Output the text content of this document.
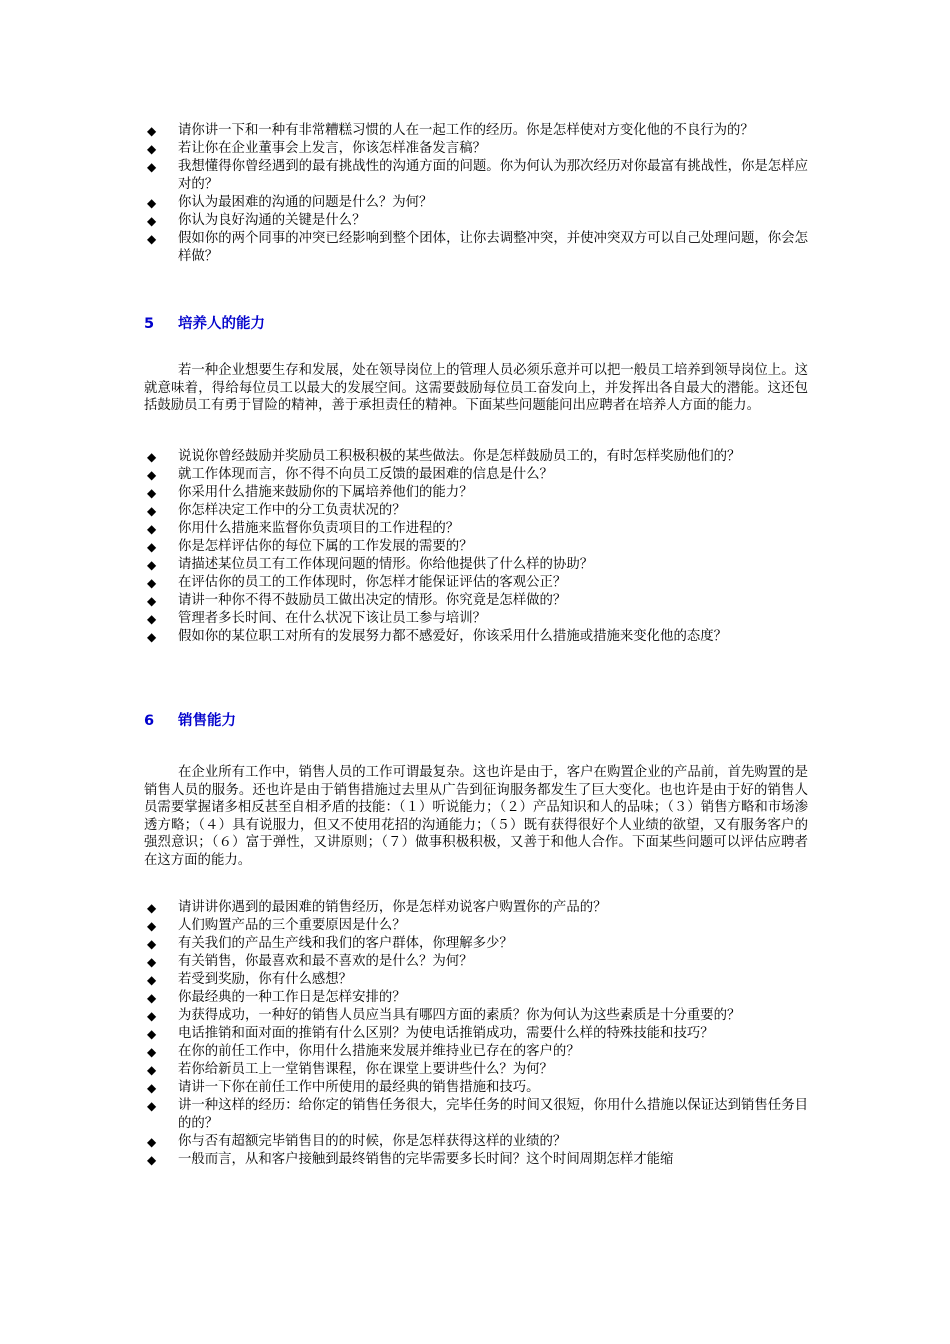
◆ 请你讲一下和一种有非常糟糕习惯的人在一起工作的经历。你是怎样使对方变化他的不良行为的？
◆ 若让你在企业董事会上发言，你该怎样准备发言稿？
◆ 我想懂得你曾经遇到的最有挑战性的沟通方面的问题。你为何认为那次经历对你最富有挑战性，你是怎样应对的？
◆ 你认为最困难的沟通的问题是什么？为何？
◆ 你认为良好沟通的关键是什么？
◆ 假如你的两个同事的冲突已经影响到整个团体，让你去调整冲突，并使冲突双方可以自己处理问题，你会怎样做？
5 培养人的能力

若一种企业想要生存和发展，处在领导岗位上的管理人员必须乐意并可以把一般员工培养到领导岗位上。这就意味着，得给每位员工以最大的发展空间。这需要鼓励每位员工奋发向上，并发挥出各自最大的潜能。这还包括鼓励员工有勇于冒险的精神，善于承担责任的精神。下面某些问题能问出应聘者在培养人方面的能力。

◆ 说说你曾经鼓励并奖励员工积极积极的某些做法。你是怎样鼓励员工的，有时怎样奖励他们的？
◆ 就工作体现而言，你不得不向员工反馈的最困难的信息是什么？
◆ 你采用什么措施来鼓励你的下属培养他们的能力？
◆ 你怎样决定工作中的分工负责状况的？
◆ 你用什么措施来监督你负责项目的工作进程的？
◆ 你是怎样评估你的每位下属的工作发展的需要的？
◆ 请描述某位员工有工作体现问题的情形。你给他提供了什么样的协助？
◆ 在评估你的员工的工作体现时，你怎样才能保证评估的客观公正？
◆ 请讲一种你不得不鼓励员工做出决定的情形。你究竟是怎样做的？
◆ 管理者多长时间、在什么状况下该让员工参与培训？
◆ 假如你的某位职工对所有的发展努力都不感爱好，你该采用什么措施或措施来变化他的态度？
6 销售能力

在企业所有工作中，销售人员的工作可谓最复杂。这也许是由于，客户在购置企业的产品前，首先购置的是销售人员的服务。还也许是由于销售措施过去里从广告到征询服务都发生了巨大变化。也也许是由于好的销售人员需要掌握诸多相反甚至自相矛盾的技能：（１）听说能力；（２）产品知识和人的品味；（３）销售方略和市场渗透方略；（４）具有说服力，但又不使用花招的沟通能力；（５）既有获得很好个人业绩的欲望，又有服务客户的强烈意识；（６）富于弹性，又讲原则；（７）做事积极积极，又善于和他人合作。下面某些问题可以评估应聘者在这方面的能力。

◆ 请讲讲你遇到的最困难的销售经历，你是怎样劝说客户购置你的产品的？
◆ 人们购置产品的三个重要原因是什么？
◆ 有关我们的产品生产线和我们的客户群体，你理解多少？
◆ 有关销售，你最喜欢和最不喜欢的是什么？为何？
◆ 若受到奖励，你有什么感想？
◆ 你最经典的一种工作日是怎样安排的？
◆ 为获得成功，一种好的销售人员应当具有哪四方面的素质？你为何认为这些素质是十分重要的？
◆ 电话推销和面对面的推销有什么区别？为使电话推销成功，需要什么样的特殊技能和技巧？
◆ 在你的前任工作中，你用什么措施来发展并维持业已存在的客户的？
◆ 若你给新员工上一堂销售课程，你在课堂上要讲些什么？为何？
◆ 请讲一下你在前任工作中所使用的最经典的销售措施和技巧。
◆ 讲一种这样的经历：给你定的销售任务很大，完毕任务的时间又很短，你用什么措施以保证达到销售任务目的的？
◆ 你与否有超额完毕销售目的的时候，你是怎样获得这样的业绩的？
◆ 一般而言，从和客户接触到最终销售的完毕需要多长时间？这个时间周期怎样才能缩
